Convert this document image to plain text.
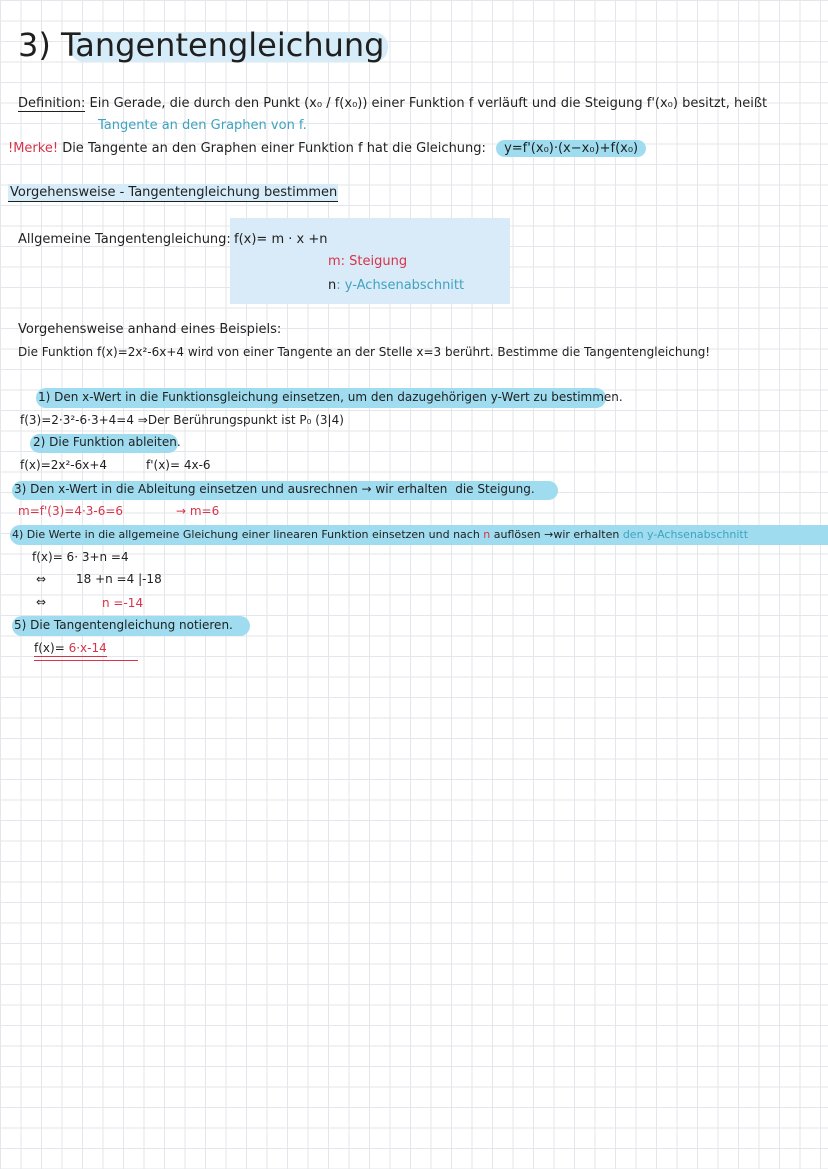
3) Tangentengleichung
Definition: Ein Gerade, die durch den Punkt (x₀ / f(x₀)) einer Funktion f verläuft und die Steigung f'(x₀) besitzt, heißt
Tangente an den Graphen von f.
!Merke! Die Tangente an den Graphen einer Funktion f hat die Gleichung: y=f'(x₀)·(x−x₀)+f(x₀)
Vorgehensweise - Tangentengleichung bestimmen
Allgemeine Tangentengleichung: f(x)= m · x +n
m: Steigung
n: y-Achsenabschnitt
Vorgehensweise anhand eines Beispiels:
Die Funktion f(x)=2x²-6x+4 wird von einer Tangente an der Stelle x=3 berührt. Bestimme die Tangentengleichung!
1) Den x-Wert in die Funktionsgleichung einsetzen, um den dazugehörigen y-Wert zu bestimmen.
f(3)=2·3²-6·3+4=4 ⇒Der Berührungspunkt ist P₀ (3|4)
2) Die Funktion ableiten.
f(x)=2x²-6x+4	f'(x)= 4x-6
3) Den x-Wert in die Ableitung einsetzen und ausrechnen → wir erhalten die Steigung.
m=f'(3)=4·3-6=6	→ m=6
4) Die Werte in die allgemeine Gleichung einer linearen Funktion einsetzen und nach n auflösen →wir erhalten den y-Achsenabschnitt
f(x)= 6· 3+n =4
⇔ 18 +n =4 |-18
⇔	n =-14
5) Die Tangentengleichung notieren.
f(x)= 6·x-14
